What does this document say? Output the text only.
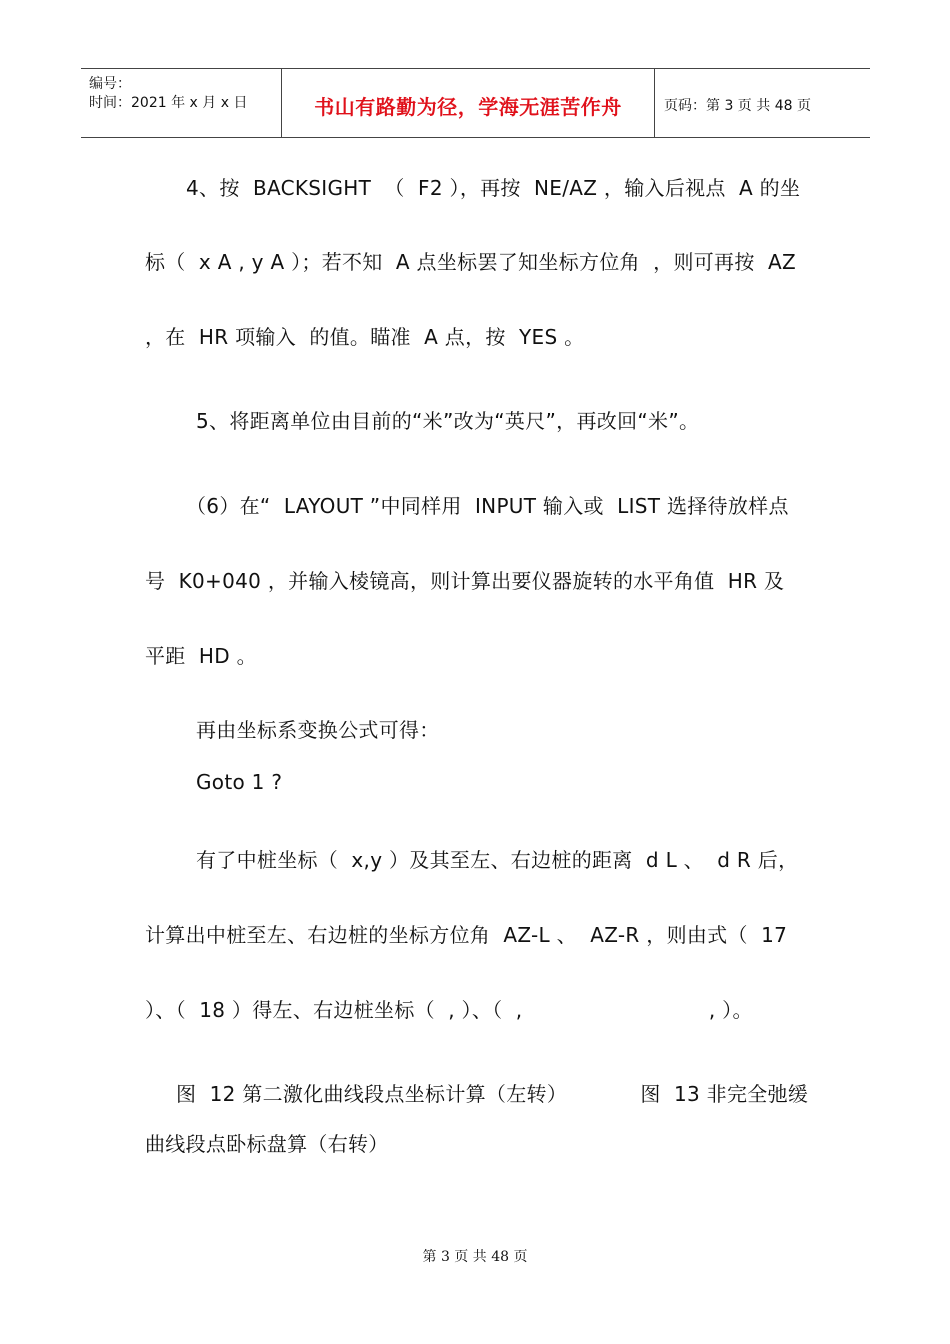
编号：
时间：2021 年 x 月 x 日	书山有路勤为径，学海无涯苦作舟	页码：第 3 页 共 48 页
4、按  BACKSIGHT  （  F2 ），再按  NE/AZ ，输入后视点  A 的坐
标（  x A , y A ）；若不知  A 点坐标罢了知坐标方位角  ，则可再按  AZ
，在  HR 项输入  的值。瞄准  A 点，按  YES 。
5、将距离单位由目前的“米”改为“英尺”，再改回“米”。
（6）在“  LAYOUT ”中同样用  INPUT 输入或  LIST 选择待放样点
号  K0+040 ，并输入棱镜高，则计算出要仪器旋转的水平角值  HR 及
平距  HD 。
再由坐标系变换公式可得：
Goto 1 ?
有了中桩坐标（  x,y ）及其至左、右边桩的距离  d L 、  d R 后，
计算出中桩至左、右边桩的坐标方位角  AZ-L 、  AZ-R ，则由式（  17
）、（  18 ）得左、右边桩坐标（  , ）、（  ,                            , ）。
图  12 第二激化曲线段点坐标计算（左转）           图  13 非完全弛缓
曲线段点卧标盘算（右转）
第 3 页 共 48 页
